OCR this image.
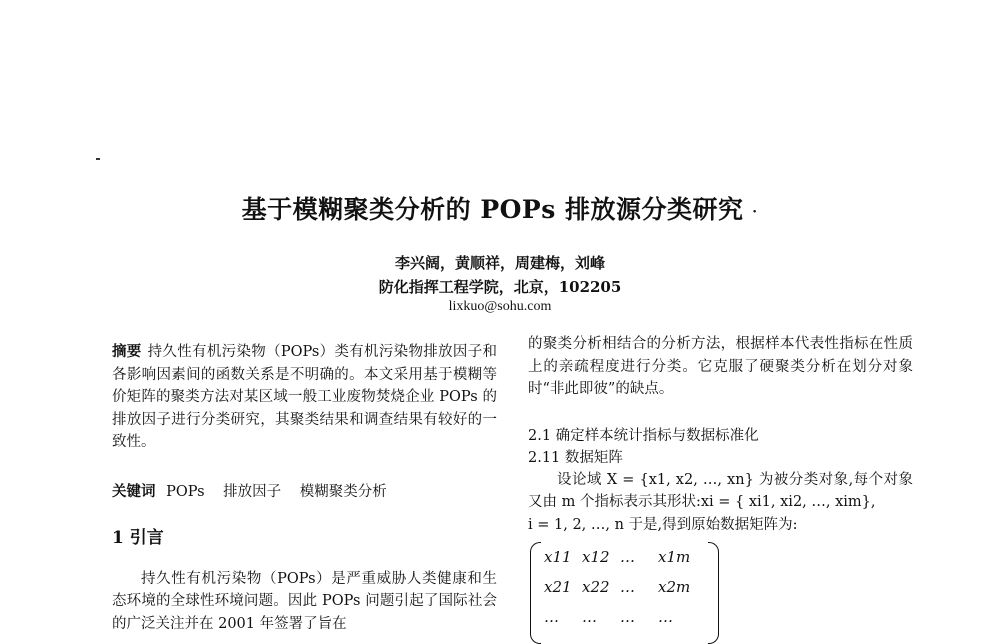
基于模糊聚类分析的 POPs 排放源分类研究 ·
李兴阔，黄顺祥，周建梅，刘峰
防化指挥工程学院，北京，102205
lixkuo@sohu.com

摘要 持久性有机污染物（POPs）类有机污染物排放因子和各影响因素间的函数关系是不明确的。本文采用基于模糊等价矩阵的聚类方法对某区域一般工业废物焚烧企业 POPs 的排放因子进行分类研究，其聚类结果和调查结果有较好的一致性。

关键词 POPs 排放因子 模糊聚类分析
1 引言

持久性有机污染物（POPs）是严重威胁人类健康和生态环境的全球性环境问题。因此 POPs 问题引起了国际社会的广泛关注并在 2001 年签署了旨在

的聚类分析相结合的分析方法，根据样本代表性指标在性质上的亲疏程度进行分类。它克服了硬聚类分析在划分对象时“非此即彼”的缺点。

2.1 确定样本统计指标与数据标准化

2.11 数据矩阵

设论域 X = {x1, x2, …, xn} 为被分类对象,每个对象又由 m 个指标表示其形状:xi = { xi1, xi2, …, xim},

i = 1, 2, …, n 于是,得到原始数据矩阵为:

x11 x12 …	x1m
x21 x22 …	x2m
…	…	…	…
